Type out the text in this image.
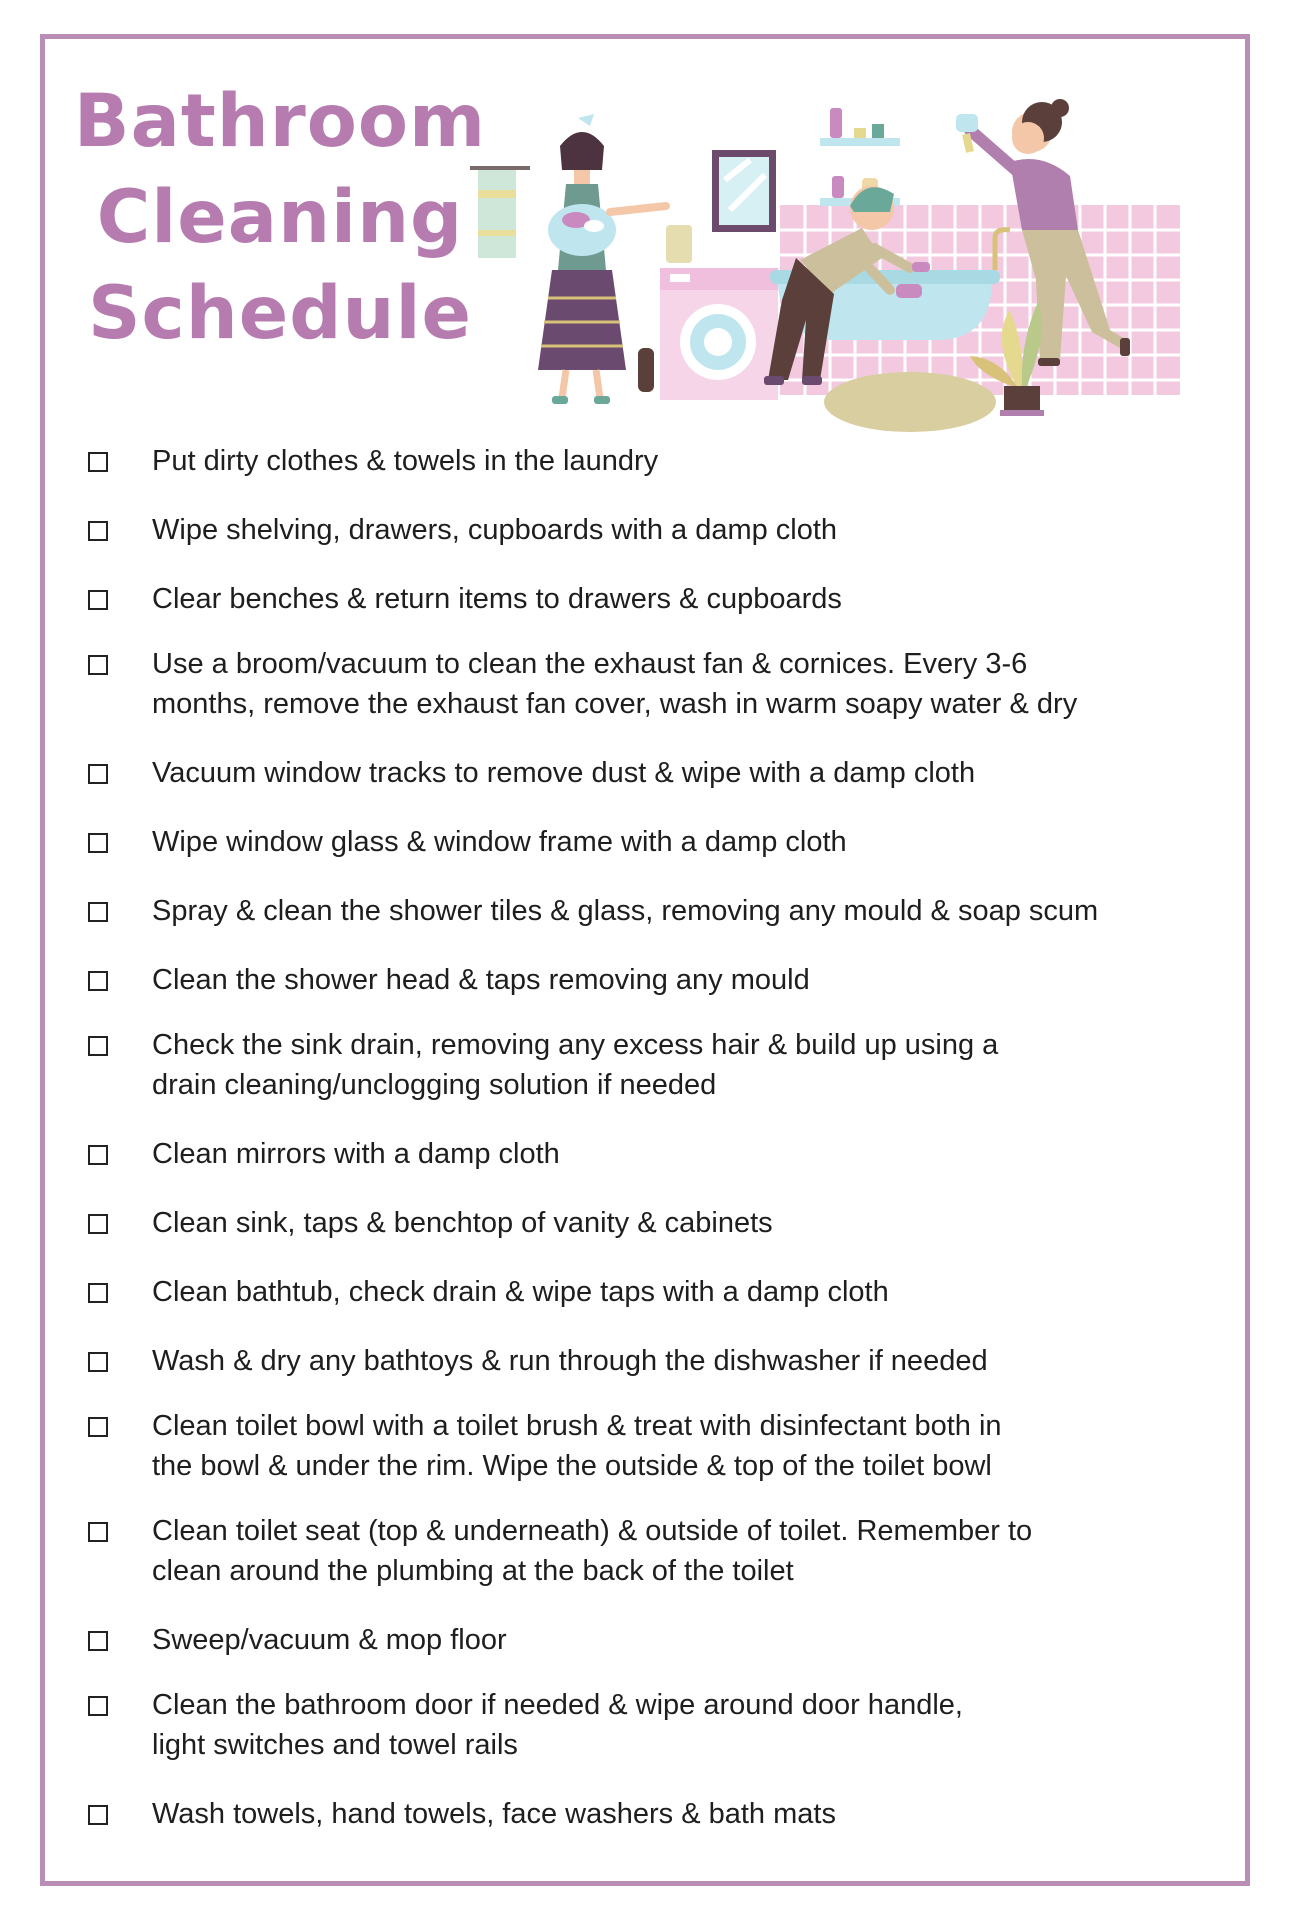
Bathroom
Cleaning
Schedule
Put dirty clothes & towels in the laundry
Wipe shelving, drawers, cupboards with a damp cloth
Clear benches & return items to drawers & cupboards
Use a broom/vacuum to clean the exhaust fan & cornices. Every 3-6
months, remove the exhaust fan cover, wash in warm soapy water & dry
Vacuum window tracks to remove dust & wipe with a damp cloth
Wipe window glass & window frame with a damp cloth
Spray & clean the shower tiles & glass, removing any mould & soap scum
Clean the shower head & taps removing any mould
Check the sink drain, removing any excess hair & build up using a
drain cleaning/unclogging solution if needed
Clean mirrors with a damp cloth
Clean sink, taps & benchtop of vanity & cabinets
Clean bathtub, check drain & wipe taps with a damp cloth
Wash & dry any bathtoys & run through the dishwasher if needed
Clean toilet bowl with a toilet brush & treat with disinfectant both in
the bowl & under the rim. Wipe the outside & top of the toilet bowl
Clean toilet seat (top & underneath) & outside of toilet. Remember to
clean around the plumbing at the back of the toilet
Sweep/vacuum & mop floor
Clean the bathroom door if needed & wipe around door handle,
light switches and towel rails
Wash towels, hand towels, face washers & bath mats
